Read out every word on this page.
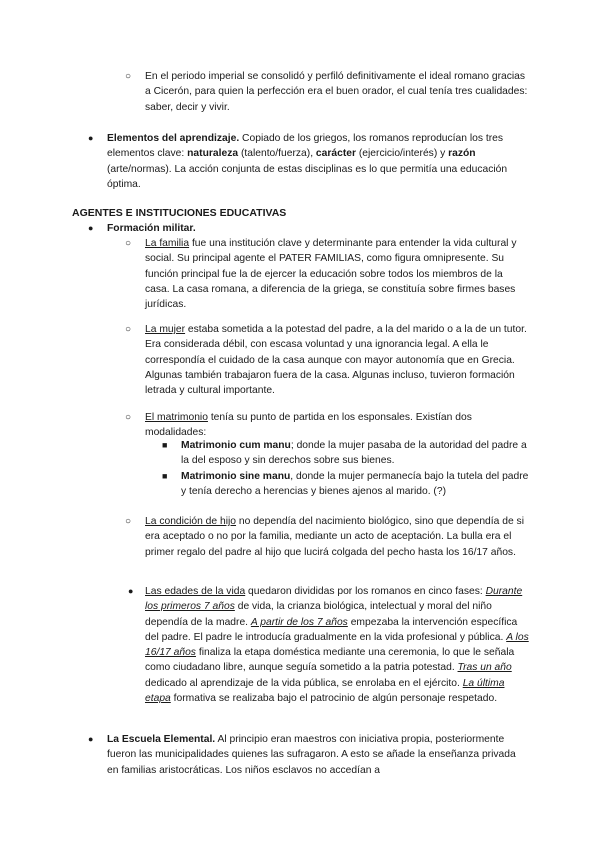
○	En el periodo imperial se consolidó y perfiló definitivamente el ideal romano gracias a Cicerón, para quien la perfección era el buen orador, el cual tenía tres cualidades: saber, decir y vivir.
●	Elementos del aprendizaje. Copiado de los griegos, los romanos reproducían los tres elementos clave: naturaleza (talento/fuerza), carácter (ejercicio/interés) y razón (arte/normas). La acción conjunta de estas disciplinas es lo que permitía una educación óptima.
AGENTES E INSTITUCIONES EDUCATIVAS
●	Formación militar.
○	La familia fue una institución clave y determinante para entender la vida cultural y social. Su principal agente el PATER FAMILIAS, como figura omnipresente. Su función principal fue la de ejercer la educación sobre todos los miembros de la casa. La casa romana, a diferencia de la griega, se constituía sobre firmes bases jurídicas.
○	La mujer estaba sometida a la potestad del padre, a la del marido o a la de un tutor. Era considerada débil, con escasa voluntad y una ignorancia legal. A ella le correspondía el cuidado de la casa aunque con mayor autonomía que en Grecia. Algunas también trabajaron fuera de la casa. Algunas incluso, tuvieron formación letrada y cultural importante.
○	El matrimonio tenía su punto de partida en los esponsales. Existían dos modalidades:
■	Matrimonio cum manu; donde la mujer pasaba de la autoridad del padre a la del esposo y sin derechos sobre sus bienes.
■	Matrimonio sine manu, donde la mujer permanecía bajo la tutela del padre y tenía derecho a herencias y bienes ajenos al marido. (?)
○	La condición de hijo no dependía del nacimiento biológico, sino que dependía de si era aceptado o no por la familia, mediante un acto de aceptación. La bulla era el primer regalo del padre al hijo que lucirá colgada del pecho hasta los 16/17 años.
●	Las edades de la vida quedaron divididas por los romanos en cinco fases: Durante los primeros 7 años de vida, la crianza biológica, intelectual y moral del niño dependía de la madre. A partir de los 7 años empezaba la intervención específica del padre. El padre le introducía gradualmente en la vida profesional y pública. A los 16/17 años finaliza la etapa doméstica mediante una ceremonia, lo que le señala como ciudadano libre, aunque seguía sometido a la patria potestad. Tras un año dedicado al aprendizaje de la vida pública, se enrolaba en el ejército. La última etapa formativa se realizaba bajo el patrocinio de algún personaje respetado.
●	La Escuela Elemental. Al principio eran maestros con iniciativa propia, posteriormente fueron las municipalidades quienes las sufragaron. A esto se añade la enseñanza privada en familias aristocráticas. Los niños esclavos no accedían a
